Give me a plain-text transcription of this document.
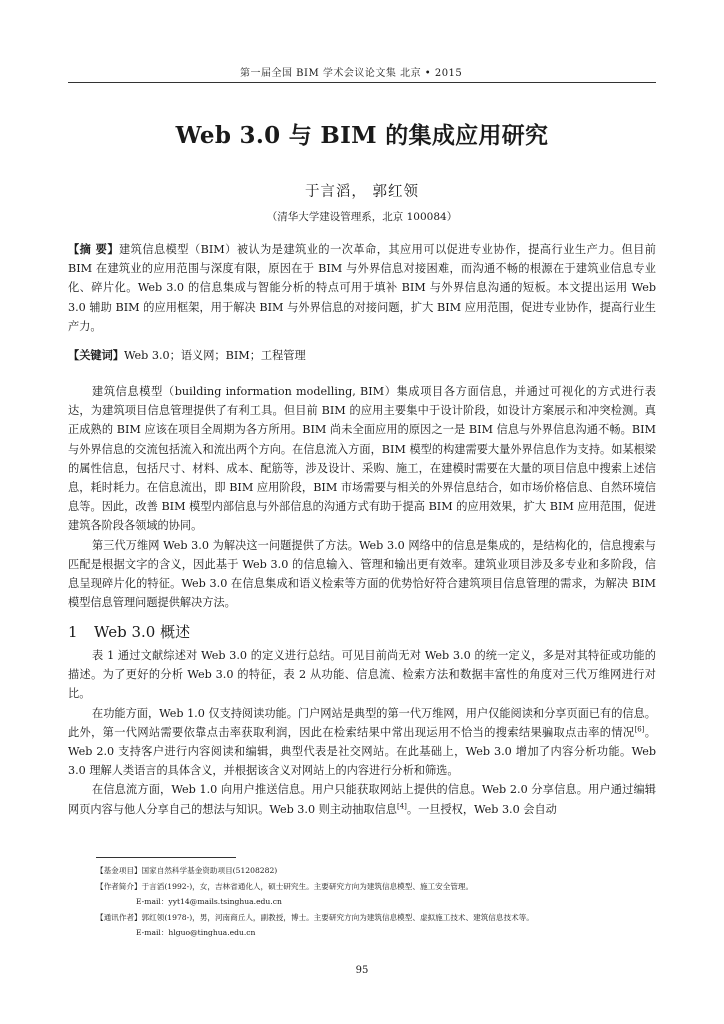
第一届全国 BIM 学术会议论文集 北京 • 2015
Web 3.0 与 BIM 的集成应用研究
于言滔， 郭红领
（清华大学建设管理系，北京 100084）
【摘 要】建筑信息模型（BIM）被认为是建筑业的一次革命，其应用可以促进专业协作，提高行业生产力。但目前 BIM 在建筑业的应用范围与深度有限，原因在于 BIM 与外界信息对接困难，而沟通不畅的根源在于建筑业信息专业化、碎片化。Web 3.0 的信息集成与智能分析的特点可用于填补 BIM 与外界信息沟通的短板。本文提出运用 Web 3.0 辅助 BIM 的应用框架，用于解决 BIM 与外界信息的对接问题，扩大 BIM 应用范围，促进专业协作，提高行业生产力。
【关键词】Web 3.0；语义网；BIM；工程管理

建筑信息模型（building information modelling, BIM）集成项目各方面信息，并通过可视化的方式进行表达，为建筑项目信息管理提供了有利工具。但目前 BIM 的应用主要集中于设计阶段，如设计方案展示和冲突检测。真正成熟的 BIM 应该在项目全周期为各方所用。BIM 尚未全面应用的原因之一是 BIM 信息与外界信息沟通不畅。BIM 与外界信息的交流包括流入和流出两个方向。在信息流入方面，BIM 模型的构建需要大量外界信息作为支持。如某根梁的属性信息，包括尺寸、材料、成本、配筋等，涉及设计、采购、施工，在建模时需要在大量的项目信息中搜索上述信息，耗时耗力。在信息流出，即 BIM 应用阶段，BIM 市场需要与相关的外界信息结合，如市场价格信息、自然环境信息等。因此，改善 BIM 模型内部信息与外部信息的沟通方式有助于提高 BIM 的应用效果，扩大 BIM 应用范围，促进建筑各阶段各领域的协同。

第三代万维网 Web 3.0 为解决这一问题提供了方法。Web 3.0 网络中的信息是集成的，是结构化的，信息搜索与匹配是根据文字的含义，因此基于 Web 3.0 的信息输入、管理和输出更有效率。建筑业项目涉及多专业和多阶段，信息呈现碎片化的特征。Web 3.0 在信息集成和语义检索等方面的优势恰好符合建筑项目信息管理的需求，为解决 BIM 模型信息管理问题提供解决方法。

1 Web 3.0 概述

表 1 通过文献综述对 Web 3.0 的定义进行总结。可见目前尚无对 Web 3.0 的统一定义，多是对其特征或功能的描述。为了更好的分析 Web 3.0 的特征，表 2 从功能、信息流、检索方法和数据丰富性的角度对三代万维网进行对比。

在功能方面，Web 1.0 仅支持阅读功能。门户网站是典型的第一代万维网，用户仅能阅读和分享页面已有的信息。此外，第一代网站需要依靠点击率获取利润，因此在检索结果中常出现运用不恰当的搜索结果骗取点击率的情况[6]。Web 2.0 支持客户进行内容阅读和编辑，典型代表是社交网站。在此基础上，Web 3.0 增加了内容分析功能。Web 3.0 理解人类语言的具体含义，并根据该含义对网站上的内容进行分析和筛选。

在信息流方面，Web 1.0 向用户推送信息。用户只能获取网站上提供的信息。Web 2.0 分享信息。用户通过编辑网页内容与他人分享自己的想法与知识。Web 3.0 则主动抽取信息[4]。一旦授权，Web 3.0 会自动

【基金项目】国家自然科学基金资助项目(51208282)
【作者简介】于言滔(1992-)，女，吉林省通化人，硕士研究生。主要研究方向为建筑信息模型、施工安全管理。
E-mail：yyt14@mails.tsinghua.edu.cn
【通讯作者】郭红领(1978-)，男，河南商丘人，副教授，博士。主要研究方向为建筑信息模型、虚拟施工技术、建筑信息技术等。
E-mail：hlguo@tinghua.edu.cn
95
